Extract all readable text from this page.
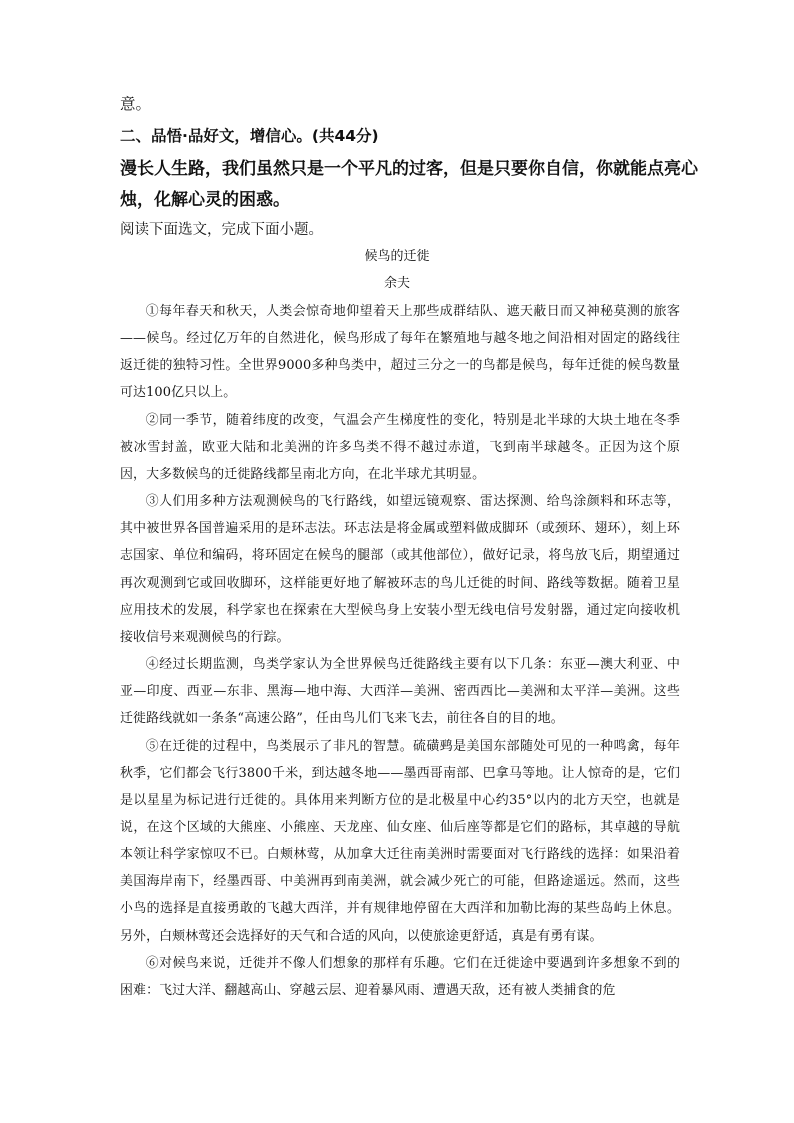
意。

二、品悟·品好文，增信心。(共44分)

漫长人生路，我们虽然只是一个平凡的过客，但是只要你自信，你就能点亮心

烛，化解心灵的困惑。

阅读下面选文，完成下面小题。

候鸟的迁徙

余夫

①每年春天和秋天，人类会惊奇地仰望着天上那些成群结队、遮天蔽日而又神秘莫测的旅客——候鸟。经过亿万年的自然进化，候鸟形成了每年在繁殖地与越冬地之间沿相对固定的路线往返迁徙的独特习性。全世界9000多种鸟类中，超过三分之一的鸟都是候鸟，每年迁徙的候鸟数量可达100亿只以上。

②同一季节，随着纬度的改变，气温会产生梯度性的变化，特别是北半球的大块土地在冬季被冰雪封盖，欧亚大陆和北美洲的许多鸟类不得不越过赤道，飞到南半球越冬。正因为这个原因，大多数候鸟的迁徙路线都呈南北方向，在北半球尤其明显。

③人们用多种方法观测候鸟的飞行路线，如望远镜观察、雷达探测、给鸟涂颜料和环志等，其中被世界各国普遍采用的是环志法。环志法是将金属或塑料做成脚环（或颈环、翅环），刻上环志国家、单位和编码，将环固定在候鸟的腿部（或其他部位），做好记录，将鸟放飞后，期望通过再次观测到它或回收脚环，这样能更好地了解被环志的鸟儿迁徙的时间、路线等数据。随着卫星应用技术的发展，科学家也在探索在大型候鸟身上安装小型无线电信号发射器，通过定向接收机接收信号来观测候鸟的行踪。

④经过长期监测，鸟类学家认为全世界候鸟迁徙路线主要有以下几条：东亚—澳大利亚、中亚—印度、西亚—东非、黑海—地中海、大西洋—美洲、密西西比—美洲和太平洋—美洲。这些迁徙路线就如一条条“高速公路”，任由鸟儿们飞来飞去，前往各自的目的地。

⑤在迁徙的过程中，鸟类展示了非凡的智慧。硫磺鹀是美国东部随处可见的一种鸣禽，每年秋季，它们都会飞行3800千米，到达越冬地——墨西哥南部、巴拿马等地。让人惊奇的是，它们是以星星为标记进行迁徙的。具体用来判断方位的是北极星中心约35°以内的北方天空，也就是说，在这个区域的大熊座、小熊座、天龙座、仙女座、仙后座等都是它们的路标，其卓越的导航本领让科学家惊叹不已。白颊林莺，从加拿大迁往南美洲时需要面对飞行路线的选择：如果沿着美国海岸南下，经墨西哥、中美洲再到南美洲，就会减少死亡的可能，但路途遥远。然而，这些小鸟的选择是直接勇敢的飞越大西洋，并有规律地停留在大西洋和加勒比海的某些岛屿上休息。另外，白颊林莺还会选择好的天气和合适的风向，以使旅途更舒适，真是有勇有谋。

⑥对候鸟来说，迁徙并不像人们想象的那样有乐趣。它们在迁徙途中要遇到许多想象不到的困难：飞过大洋、翻越高山、穿越云层、迎着暴风雨、遭遇天敌，还有被人类捕食的危
